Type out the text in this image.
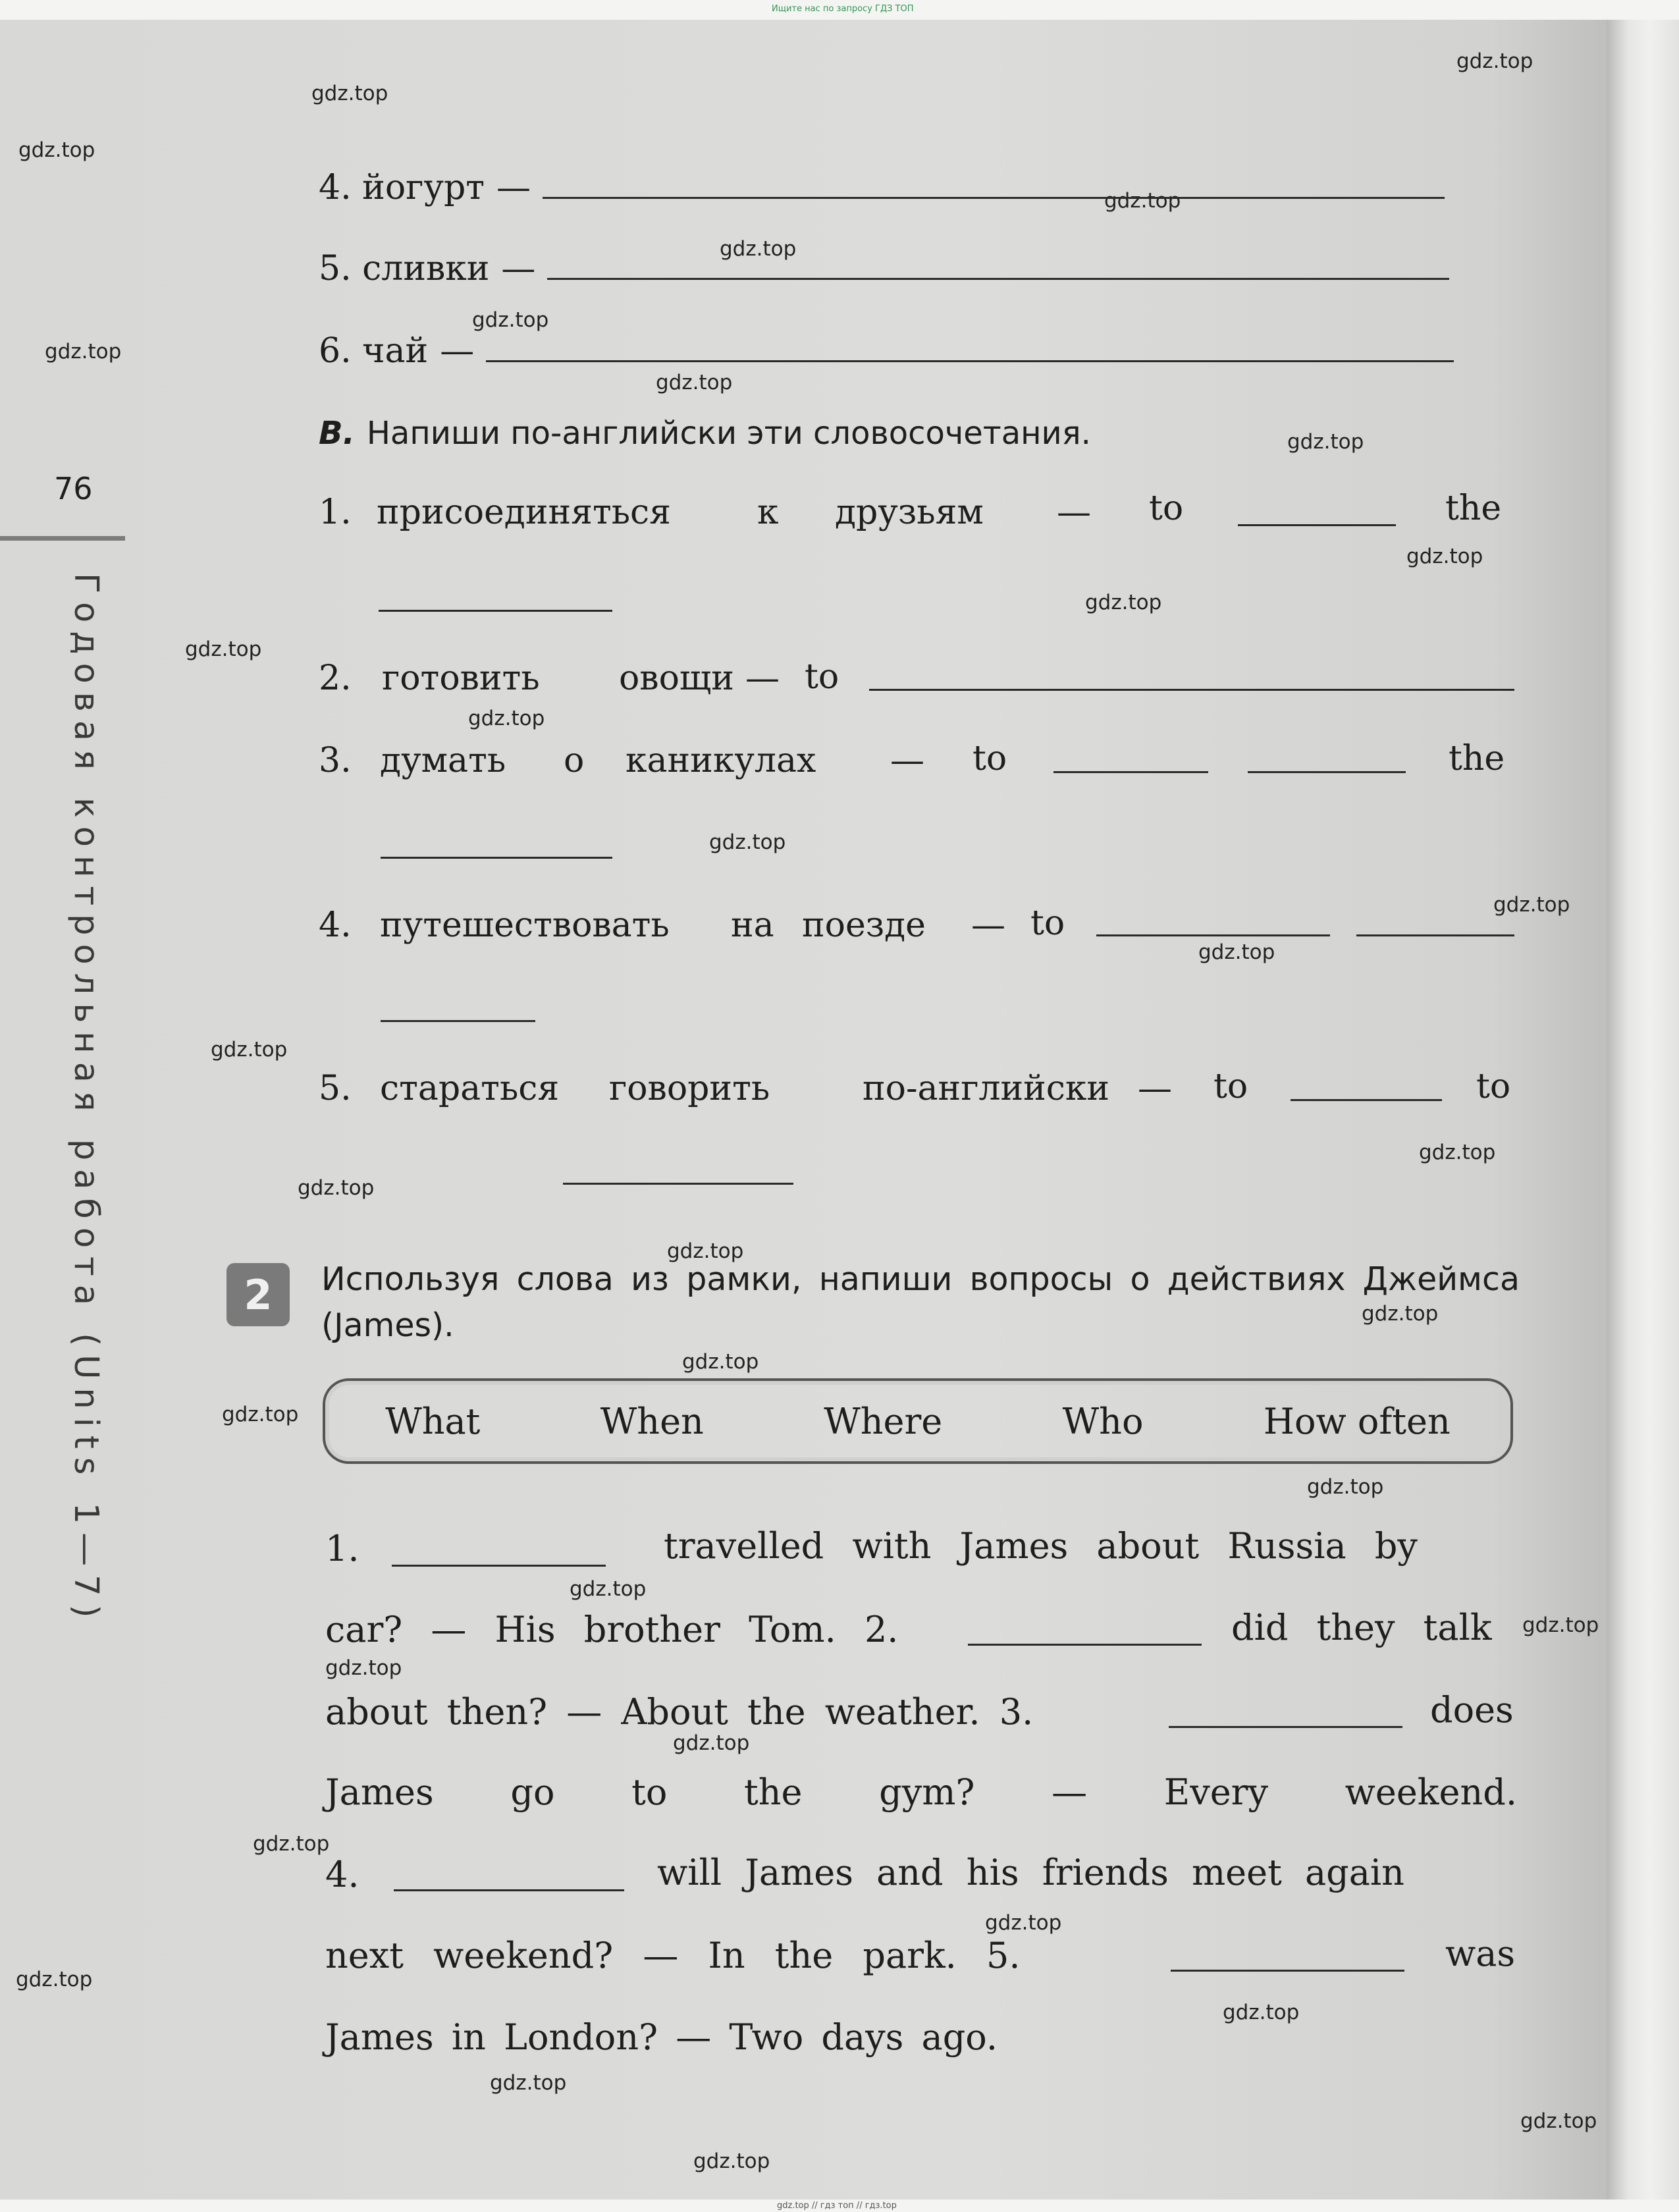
Ищите нас по запросу ГДЗ ТОП
gdz.top // гдз топ // гдз.top
gdz.top
gdz.top
gdz.top
gdz.top
gdz.top
gdz.top
gdz.top
gdz.top
gdz.top
gdz.top
gdz.top
gdz.top
gdz.top
gdz.top
gdz.top
gdz.top
gdz.top
gdz.top
gdz.top
gdz.top
gdz.top
gdz.top
gdz.top
gdz.top
gdz.top
gdz.top
gdz.top
gdz.top
gdz.top
gdz.top
gdz.top
gdz.top
gdz.top
gdz.top
gdz.top
76
Годовая контрольная работа (Units 1—7)
4.
йогурт —
5.
сливки —
6.
чай —
B. Напиши по-английски эти словосочетания.
1. присоединяться	к друзьям — to	the
2. готовить овощи — to
3. думать о каникулах — to	the
4. путешествовать на поезде — to
5. стараться говорить	по-английски — to	to
2	Используя слова из рамки, напиши вопросы о действиях Джеймса (James).
What	When	Where	Who	How often
1.	travelled with James about Russia by
car? — His brother Tom. 2.	did they talk
about then? — About the weather. 3.	does
James go to the gym? — Every weekend.
4.	will James and his friends meet again
next weekend? — In the park. 5.	was
James in London? — Two days ago.
